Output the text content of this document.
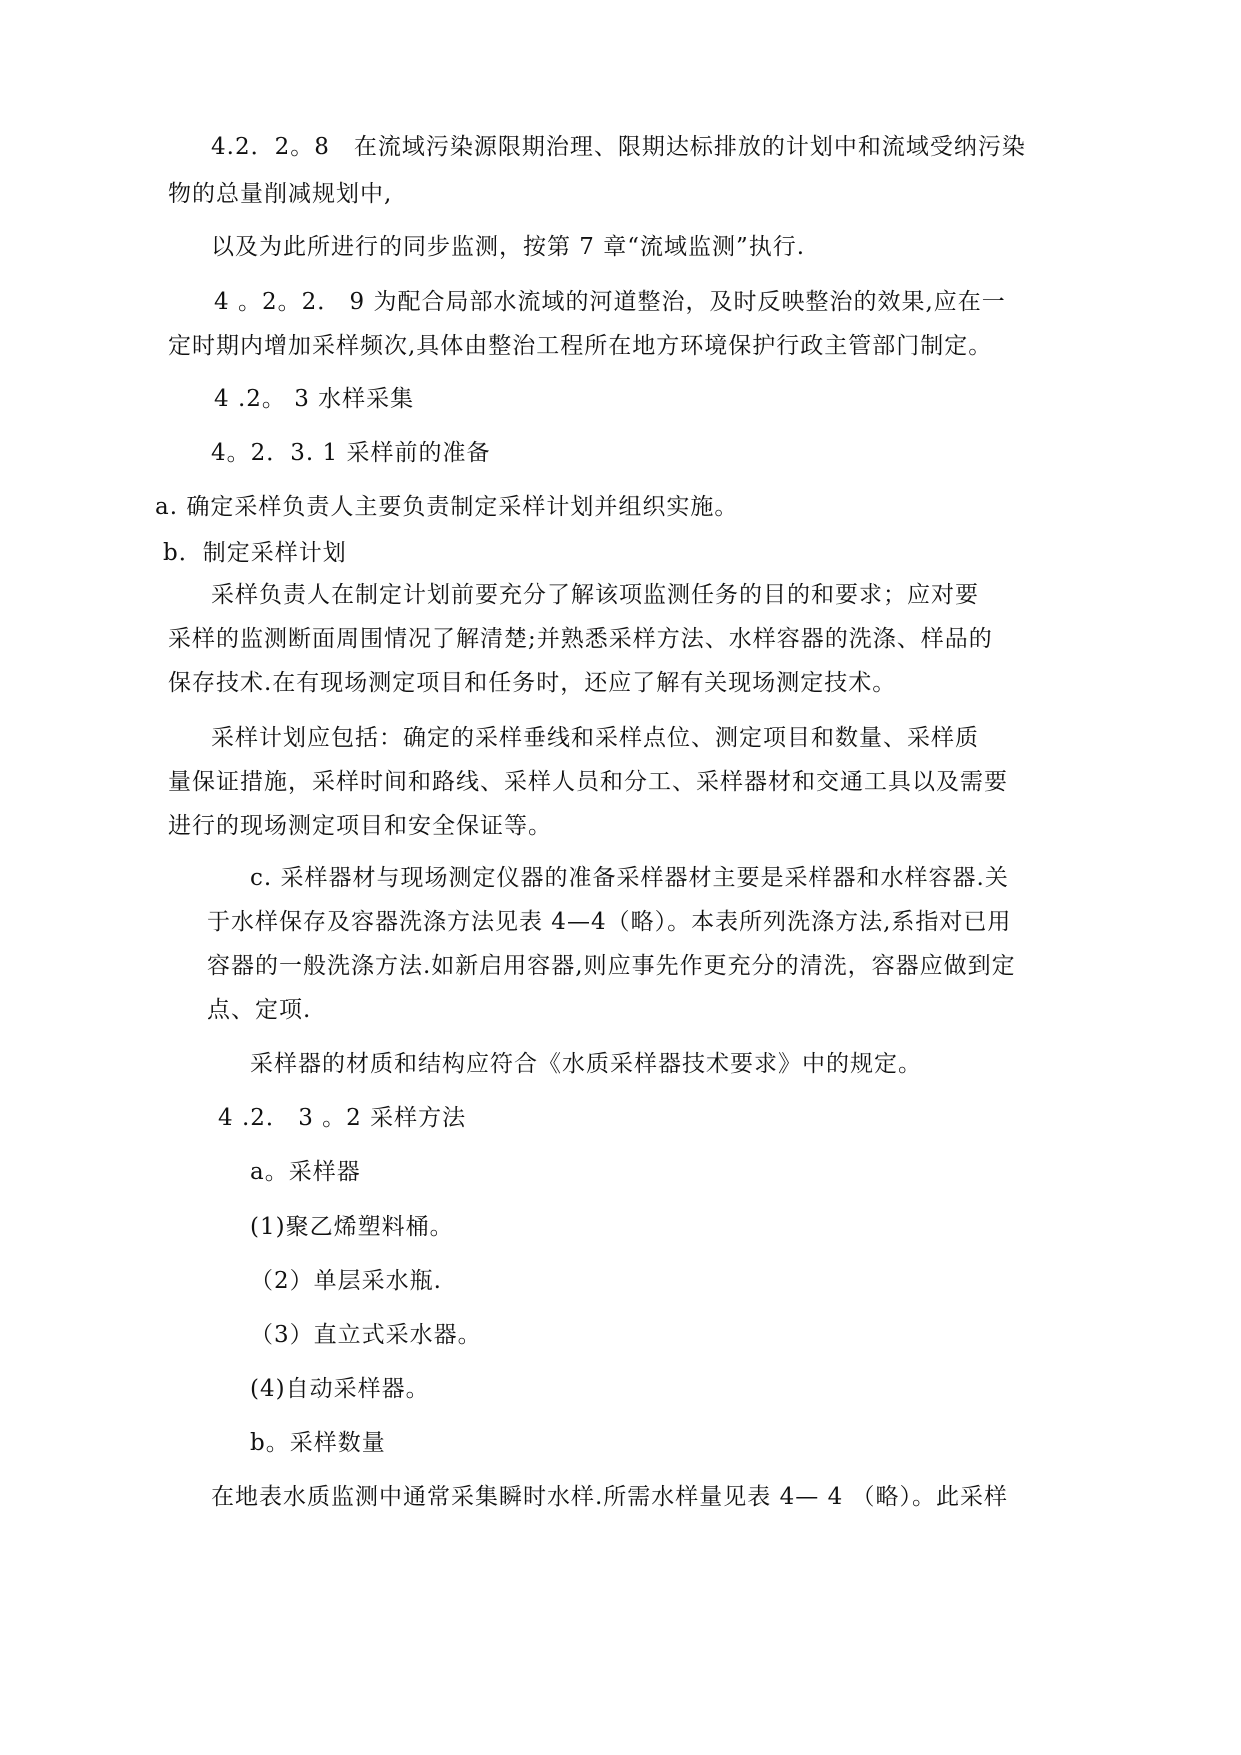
4.2．2。8　在流域污染源限期治理、限期达标排放的计划中和流域受纳污染
物的总量削减规划中,
以及为此所进行的同步监测，按第 7 章“流域监测”执行.
4 。2。2． 9 为配合局部水流域的河道整治，及时反映整治的效果,应在一
定时期内增加采样频次,具体由整治工程所在地方环境保护行政主管部门制定。
4 .2。 3 水样采集
4。2．3. 1 采样前的准备
a. 确定采样负责人主要负责制定采样计划并组织实施。
b．制定采样计划
采样负责人在制定计划前要充分了解该项监测任务的目的和要求；应对要
采样的监测断面周围情况了解清楚;并熟悉采样方法、水样容器的洗涤、样品的
保存技术.在有现场测定项目和任务时，还应了解有关现场测定技术。
采样计划应包括：确定的采样垂线和采样点位、测定项目和数量、采样质
量保证措施，采样时间和路线、采样人员和分工、采样器材和交通工具以及需要
进行的现场测定项目和安全保证等。
c. 采样器材与现场测定仪器的准备采样器材主要是采样器和水样容器.关
于水样保存及容器洗涤方法见表 4—4（略）。本表所列洗涤方法,系指对已用
容器的一般洗涤方法.如新启用容器,则应事先作更充分的清洗，容器应做到定
点、定项.
采样器的材质和结构应符合《水质采样器技术要求》中的规定。
4 .2． 3 。2 采样方法
a。采样器
(1)聚乙烯塑料桶。
（2）单层采水瓶.
（3）直立式采水器。
(4)自动采样器。
b。采样数量
在地表水质监测中通常采集瞬时水样.所需水样量见表 4— 4 （略）。此采样
